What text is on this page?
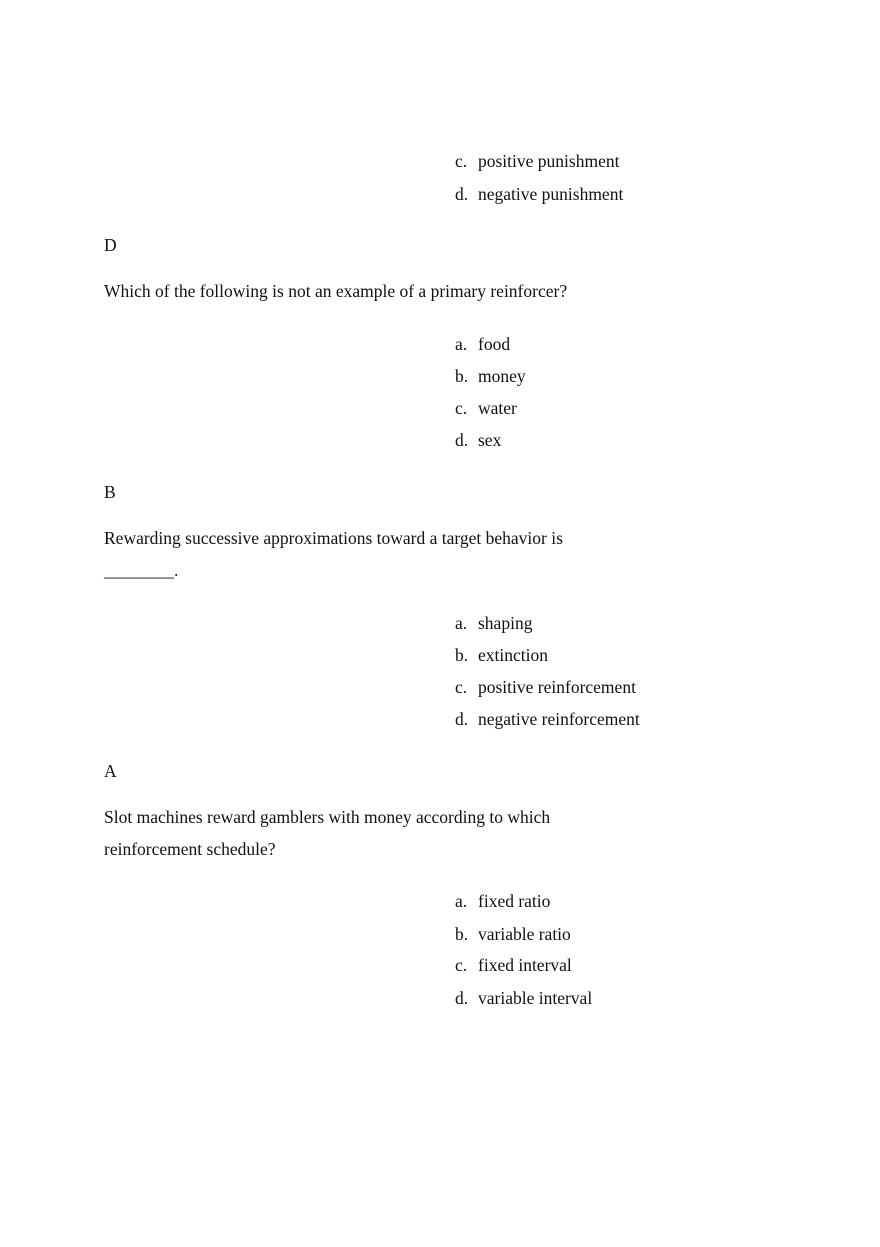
c. positive punishment
d. negative punishment
D
Which of the following is not an example of a primary reinforcer?
a. food
b. money
c. water
d. sex
B
Rewarding successive approximations toward a target behavior is
________.
a. shaping
b. extinction
c. positive reinforcement
d. negative reinforcement
A
Slot machines reward gamblers with money according to which
reinforcement schedule?
a. fixed ratio
b. variable ratio
c. fixed interval
d. variable interval
